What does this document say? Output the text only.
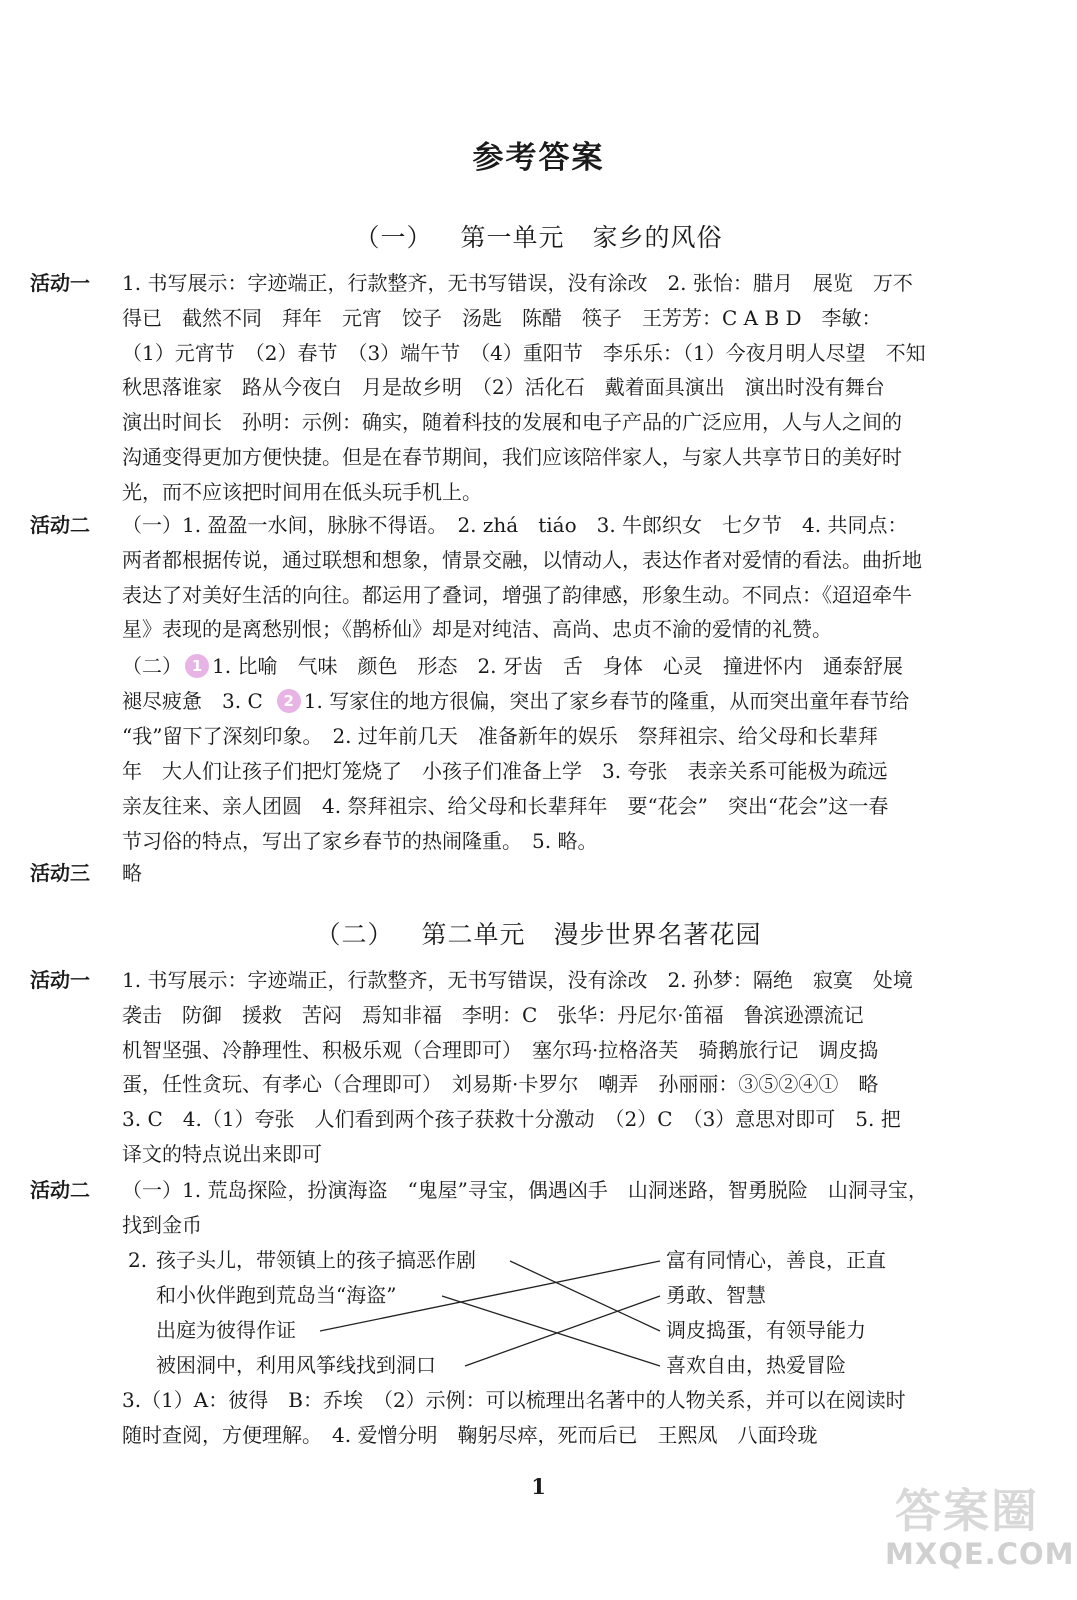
参考答案
（一） 第一单元 家乡的风俗
活动一 1. 书写展示：字迹端正，行款整齐，无书写错误，没有涂改　2. 张怡：腊月　展览　万不
得已　截然不同　拜年　元宵　饺子　汤匙　陈醋　筷子　王芳芳：C A B D　李敏：
（1）元宵节　（2）春节　（3）端午节　（4）重阳节　李乐乐：（1）今夜月明人尽望　不知
秋思落谁家　路从今夜白　月是故乡明　（2）活化石　戴着面具演出　演出时没有舞台
演出时间长　孙明：示例：确实，随着科技的发展和电子产品的广泛应用，人与人之间的
沟通变得更加方便快捷。但是在春节期间，我们应该陪伴家人，与家人共享节日的美好时
光，而不应该把时间用在低头玩手机上。
活动二 （一）1. 盈盈一水间，脉脉不得语。　2. zhá　tiáo　3. 牛郎织女　七夕节　4. 共同点：
两者都根据传说，通过联想和想象，情景交融，以情动人，表达作者对爱情的看法。曲折地
表达了对美好生活的向往。都运用了叠词，增强了韵律感，形象生动。不同点：《迢迢牵牛
星》表现的是离愁别恨；《鹊桥仙》却是对纯洁、高尚、忠贞不渝的爱情的礼赞。
（二） 1 1. 比喻　气味　颜色　形态　2. 牙齿　舌　身体　心灵　撞进怀内　通泰舒展
褪尽疲惫　3. C 2 1. 写家住的地方很偏，突出了家乡春节的隆重，从而突出童年春节给
“我”留下了深刻印象。　2. 过年前几天　准备新年的娱乐　祭拜祖宗、给父母和长辈拜
年　大人们让孩子们把灯笼烧了　小孩子们准备上学　3. 夸张　表亲关系可能极为疏远
亲友往来、亲人团圆　4. 祭拜祖宗、给父母和长辈拜年　要“花会”　突出“花会”这一春
节习俗的特点，写出了家乡春节的热闹隆重。　5. 略。
活动三 略
（二） 第二单元 漫步世界名著花园
活动一 1. 书写展示：字迹端正，行款整齐，无书写错误，没有涂改　2. 孙梦：隔绝　寂寞　处境
袭击　防御　援救　苦闷　焉知非福　李明：C　张华：丹尼尔·笛福　鲁滨逊漂流记
机智坚强、冷静理性、积极乐观（合理即可）　塞尔玛·拉格洛芙　骑鹅旅行记　调皮捣
蛋，任性贪玩、有孝心（合理即可）　刘易斯·卡罗尔　嘲弄　孙丽丽：③⑤②④①　略
3. C　4.（1）夸张　人们看到两个孩子获救十分激动　（2）C　（3）意思对即可　5. 把
译文的特点说出来即可
活动二 （一）1. 荒岛探险，扮演海盗　“鬼屋”寻宝，偶遇凶手　山洞迷路，智勇脱险　山洞寻宝，
找到金币
2. 孩子头儿，带领镇上的孩子搞恶作剧
和小伙伴跑到荒岛当“海盗”
出庭为彼得作证
被困洞中，利用风筝线找到洞口
富有同情心，善良，正直
勇敢、智慧
调皮捣蛋，有领导能力
喜欢自由，热爱冒险
3.（1）A：彼得　B：乔埃　（2）示例：可以梳理出名著中的人物关系，并可以在阅读时
随时查阅，方便理解。　4. 爱憎分明　鞠躬尽瘁，死而后已　王熙凤　八面玲珑
1	答案圈
MXQE.COM
